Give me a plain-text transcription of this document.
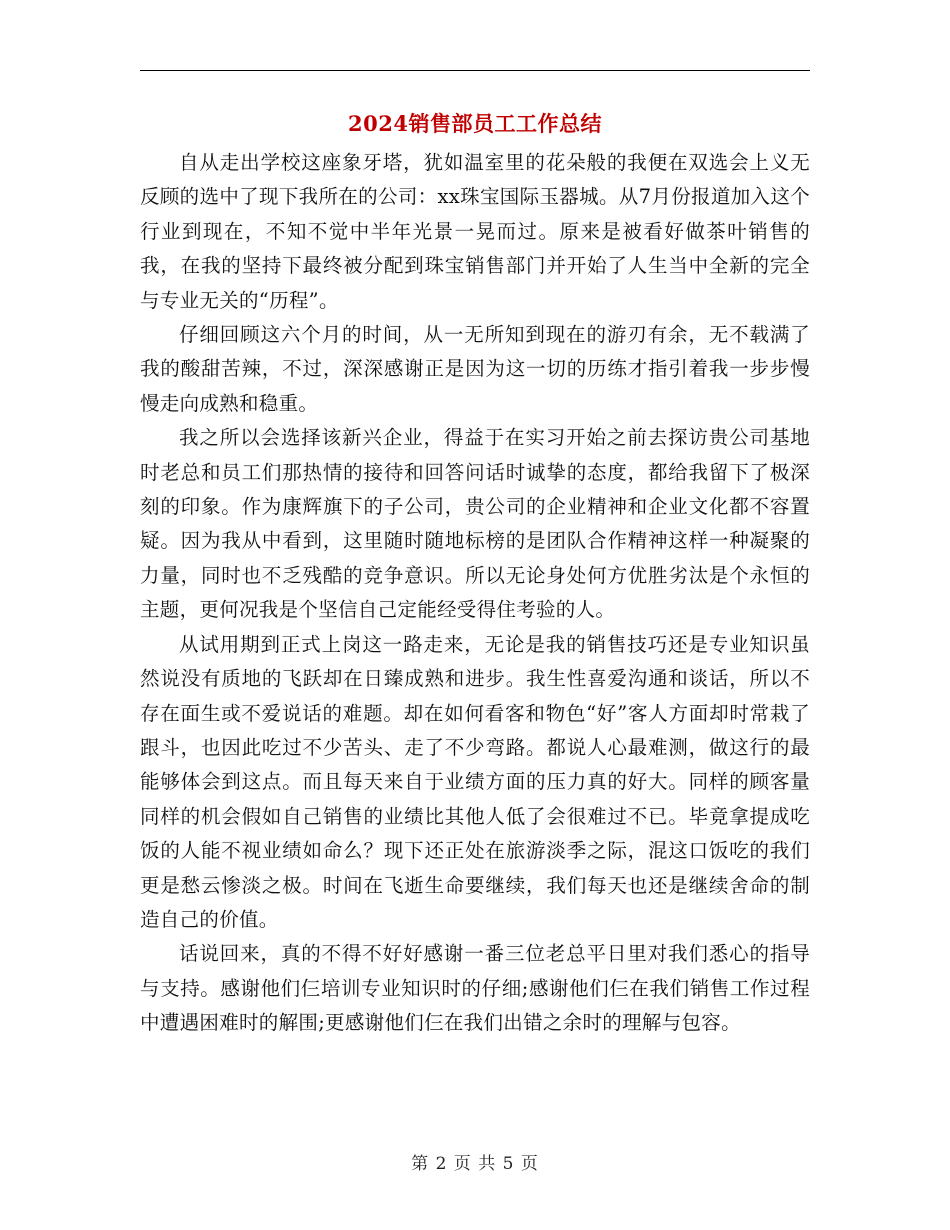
2024销售部员工工作总结

自从走出学校这座象牙塔，犹如温室里的花朵般的我便在双选会上义无反顾的选中了现下我所在的公司：xx珠宝国际玉器城。从7月份报道加入这个行业到现在，不知不觉中半年光景一晃而过。原来是被看好做茶叶销售的我，在我的坚持下最终被分配到珠宝销售部门并开始了人生当中全新的完全与专业无关的“历程”。

仔细回顾这六个月的时间，从一无所知到现在的游刃有余，无不载满了我的酸甜苦辣，不过，深深感谢正是因为这一切的历练才指引着我一步步慢慢走向成熟和稳重。

我之所以会选择该新兴企业，得益于在实习开始之前去探访贵公司基地时老总和员工们那热情的接待和回答问话时诚挚的态度，都给我留下了极深刻的印象。作为康辉旗下的子公司，贵公司的企业精神和企业文化都不容置疑。因为我从中看到，这里随时随地标榜的是团队合作精神这样一种凝聚的力量，同时也不乏残酷的竞争意识。所以无论身处何方优胜劣汰是个永恒的主题，更何况我是个坚信自己定能经受得住考验的人。

从试用期到正式上岗这一路走来，无论是我的销售技巧还是专业知识虽然说没有质地的飞跃却在日臻成熟和进步。我生性喜爱沟通和谈话，所以不存在面生或不爱说话的难题。却在如何看客和物色“好”客人方面却时常栽了跟斗，也因此吃过不少苦头、走了不少弯路。都说人心最难测，做这行的最能够体会到这点。而且每天来自于业绩方面的压力真的好大。同样的顾客量同样的机会假如自己销售的业绩比其他人低了会很难过不已。毕竟拿提成吃饭的人能不视业绩如命么？现下还正处在旅游淡季之际，混这口饭吃的我们更是愁云惨淡之极。时间在飞逝生命要继续，我们每天也还是继续舍命的制造自己的价值。

话说回来，真的不得不好好感谢一番三位老总平日里对我们悉心的指导与支持。感谢他们仨培训专业知识时的仔细;感谢他们仨在我们销售工作过程中遭遇困难时的解围;更感谢他们仨在我们出错之余时的理解与包容。

第 2 页 共 5 页
